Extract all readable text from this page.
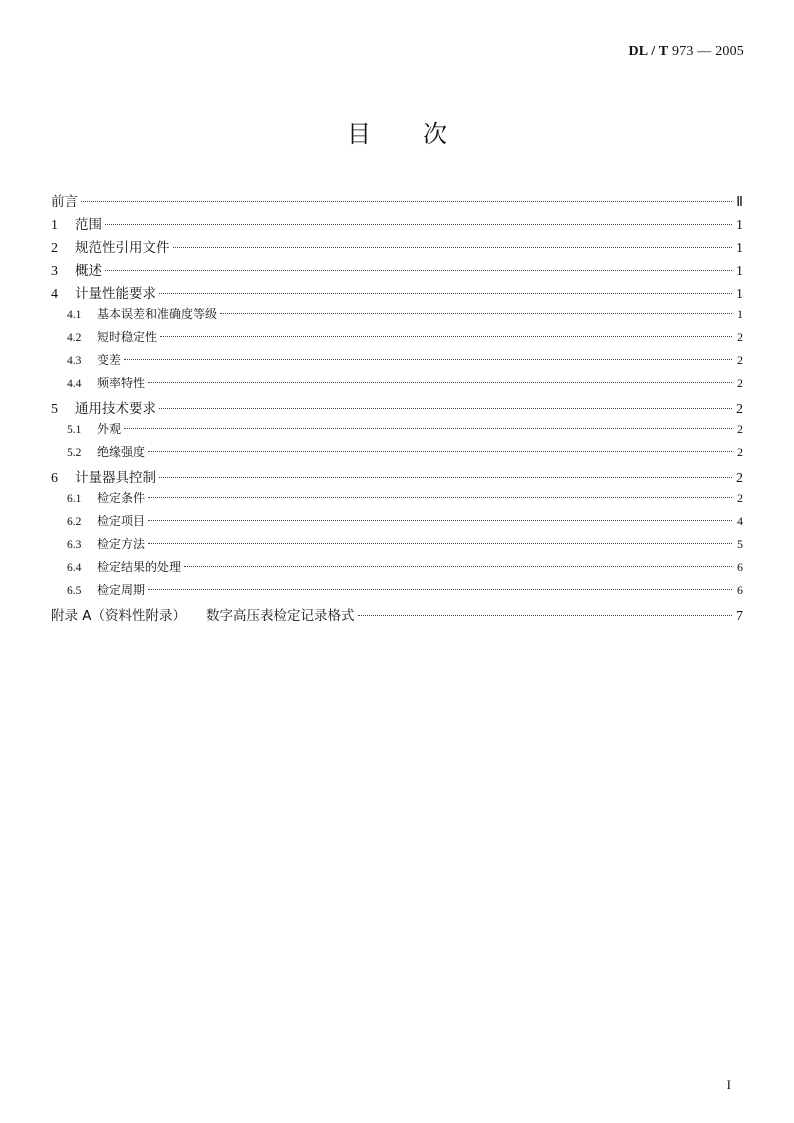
DL / T 973 — 2005
目 次
前言	Ⅱ
1	范围	1
2	规范性引用文件	1
3	概述	1
4	计量性能要求	1
4.1	基本误差和准确度等级	1
4.2	短时稳定性	2
4.3	变差	2
4.4	频率特性	2
5	通用技术要求	2
5.1	外观	2
5.2	绝缘强度	2
6	计量器具控制	2
6.1	检定条件	2
6.2	检定项目	4
6.3	检定方法	5
6.4	检定结果的处理	6
6.5	检定周期	6
附录 A（资料性附录） 数字高压表检定记录格式	7
I
